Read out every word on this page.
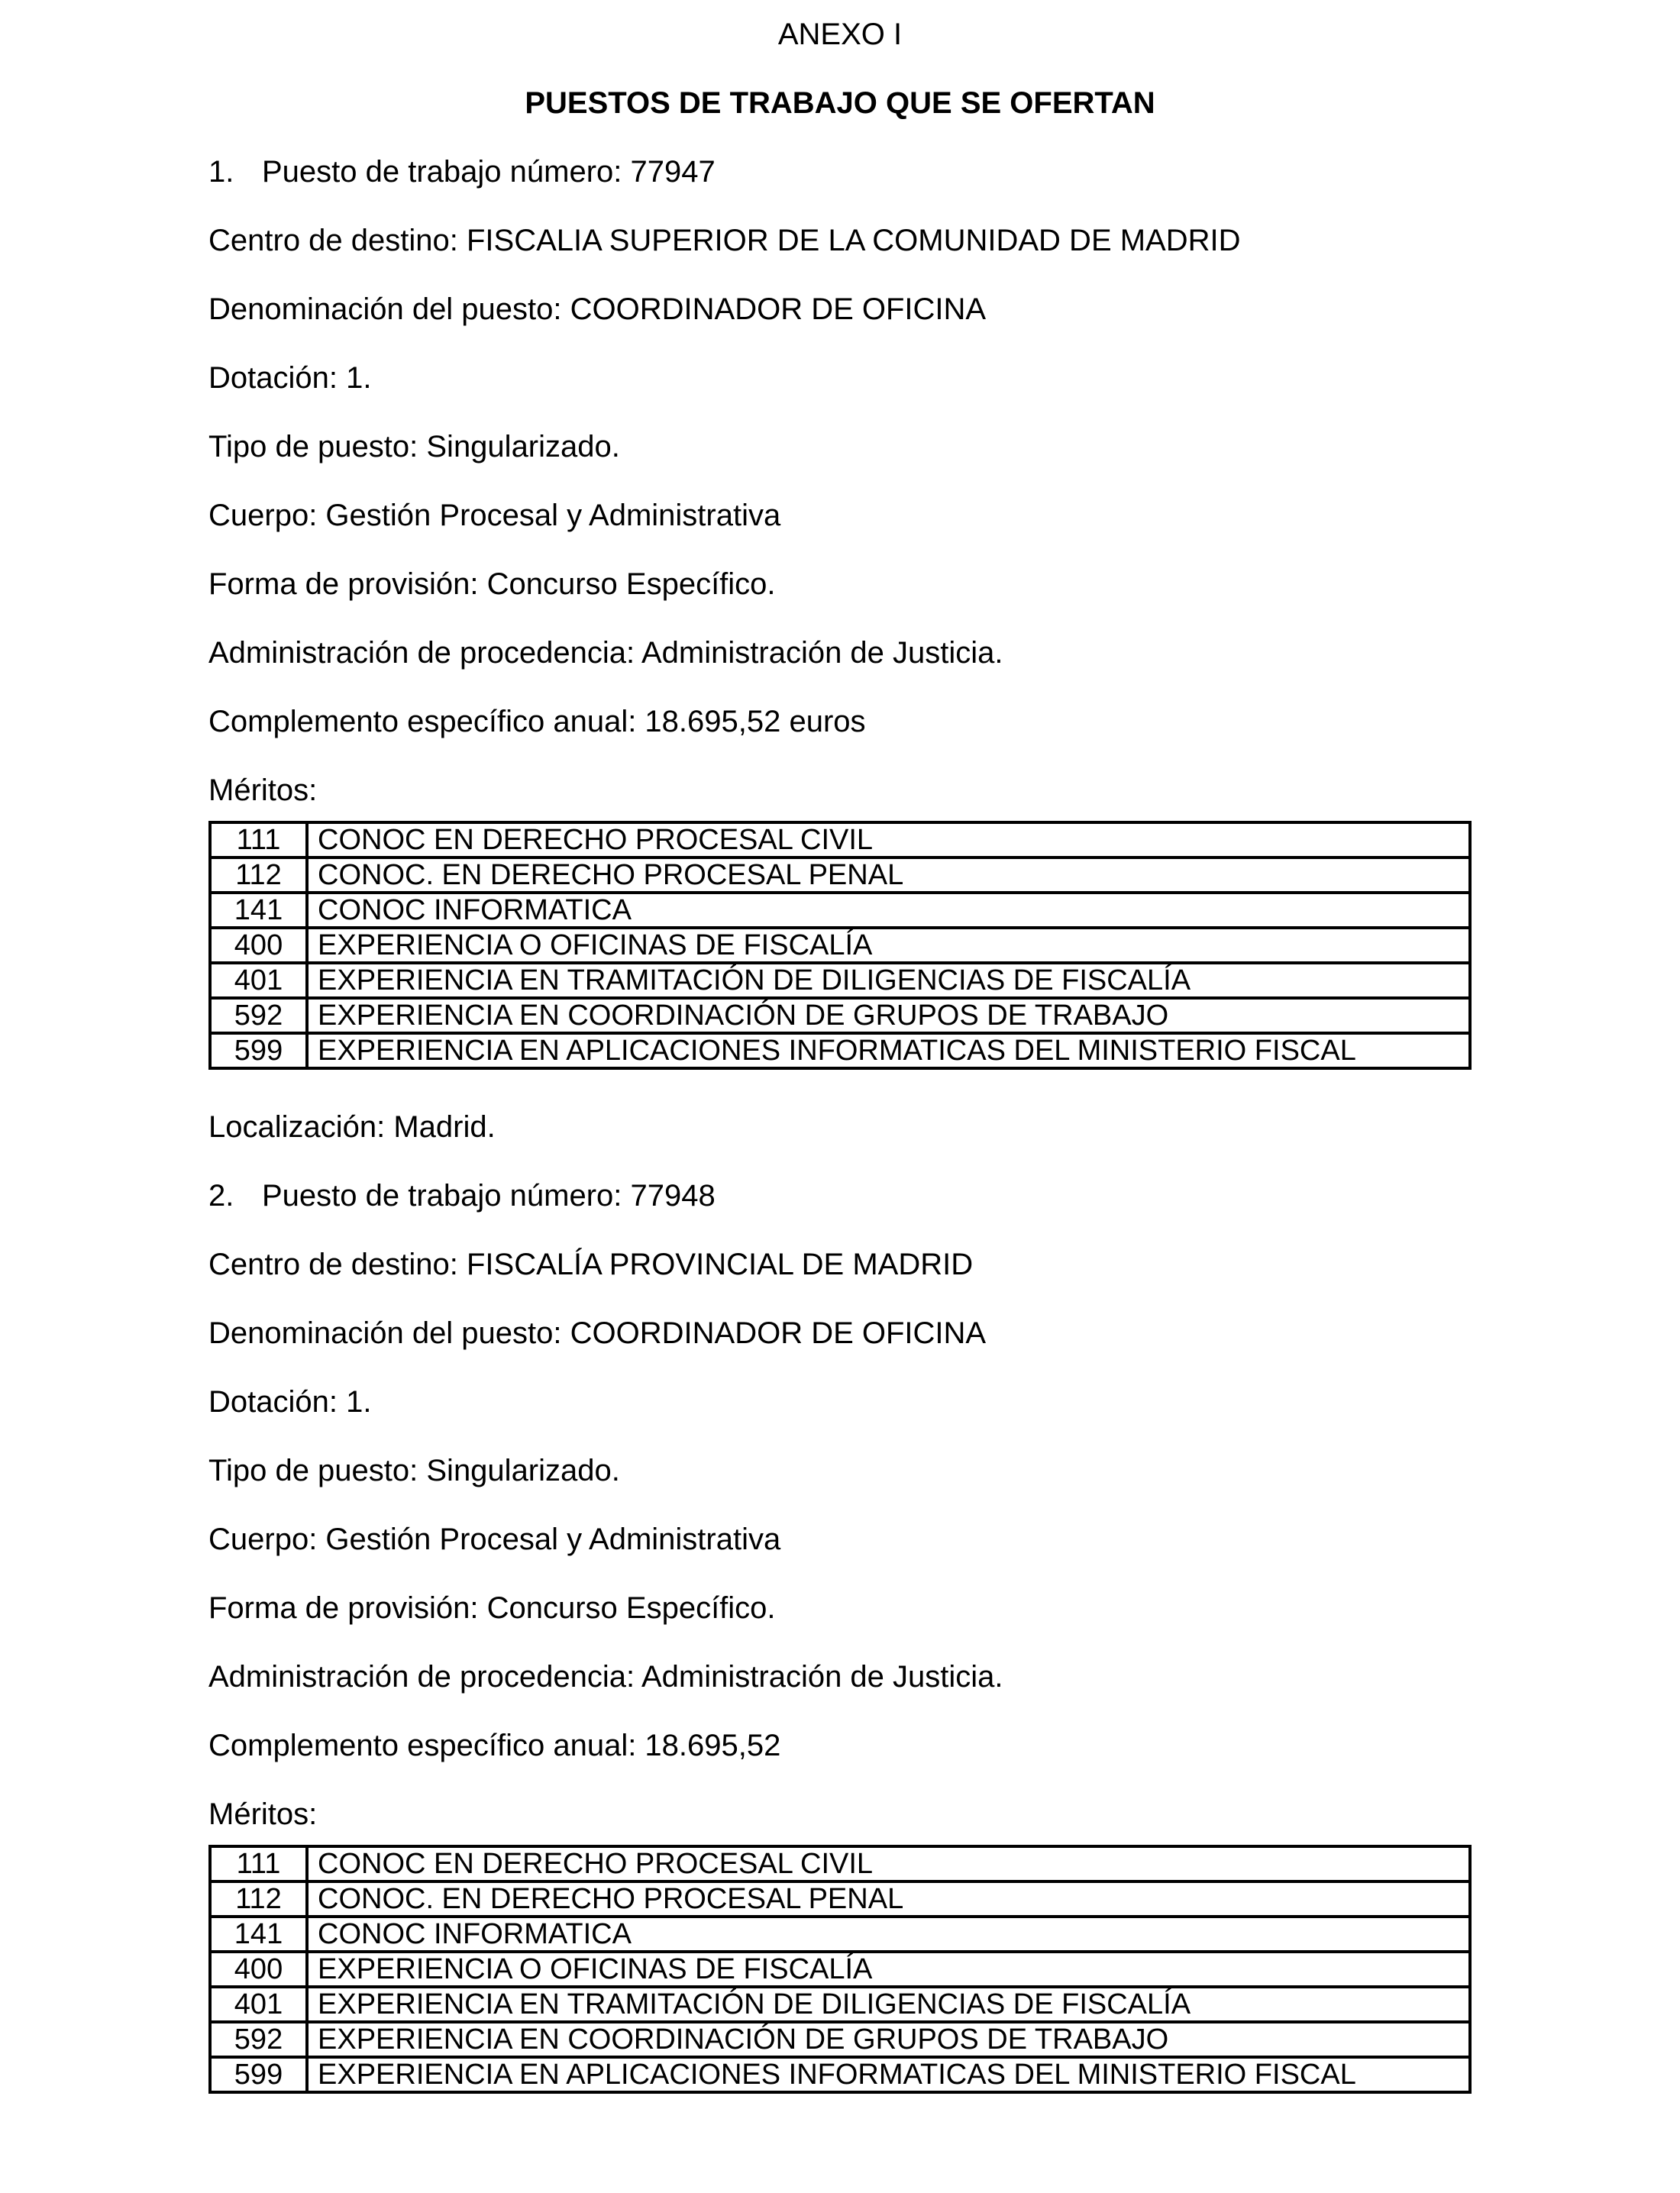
ANEXO I
PUESTOS DE TRABAJO QUE SE OFERTAN

1. Puesto de trabajo número: 77947

Centro de destino: FISCALIA SUPERIOR DE LA COMUNIDAD DE MADRID

Denominación del puesto: COORDINADOR DE OFICINA

Dotación: 1.

Tipo de puesto: Singularizado.

Cuerpo: Gestión Procesal y Administrativa

Forma de provisión: Concurso Específico.

Administración de procedencia: Administración de Justicia.

Complemento específico anual: 18.695,52 euros

Méritos:

111	CONOC EN DERECHO PROCESAL CIVIL
112	CONOC. EN DERECHO PROCESAL PENAL
141	CONOC INFORMATICA
400	EXPERIENCIA O OFICINAS DE FISCALÍA
401	EXPERIENCIA EN TRAMITACIÓN DE DILIGENCIAS DE FISCALÍA
592	EXPERIENCIA EN COORDINACIÓN DE GRUPOS DE TRABAJO
599	EXPERIENCIA EN APLICACIONES INFORMATICAS DEL MINISTERIO FISCAL

Localización: Madrid.

2. Puesto de trabajo número: 77948

Centro de destino: FISCALÍA PROVINCIAL DE MADRID

Denominación del puesto: COORDINADOR DE OFICINA

Dotación: 1.

Tipo de puesto: Singularizado.

Cuerpo: Gestión Procesal y Administrativa

Forma de provisión: Concurso Específico.

Administración de procedencia: Administración de Justicia.

Complemento específico anual: 18.695,52

Méritos:

111	CONOC EN DERECHO PROCESAL CIVIL
112	CONOC. EN DERECHO PROCESAL PENAL
141	CONOC INFORMATICA
400	EXPERIENCIA O OFICINAS DE FISCALÍA
401	EXPERIENCIA EN TRAMITACIÓN DE DILIGENCIAS DE FISCALÍA
592	EXPERIENCIA EN COORDINACIÓN DE GRUPOS DE TRABAJO
599	EXPERIENCIA EN APLICACIONES INFORMATICAS DEL MINISTERIO FISCAL
